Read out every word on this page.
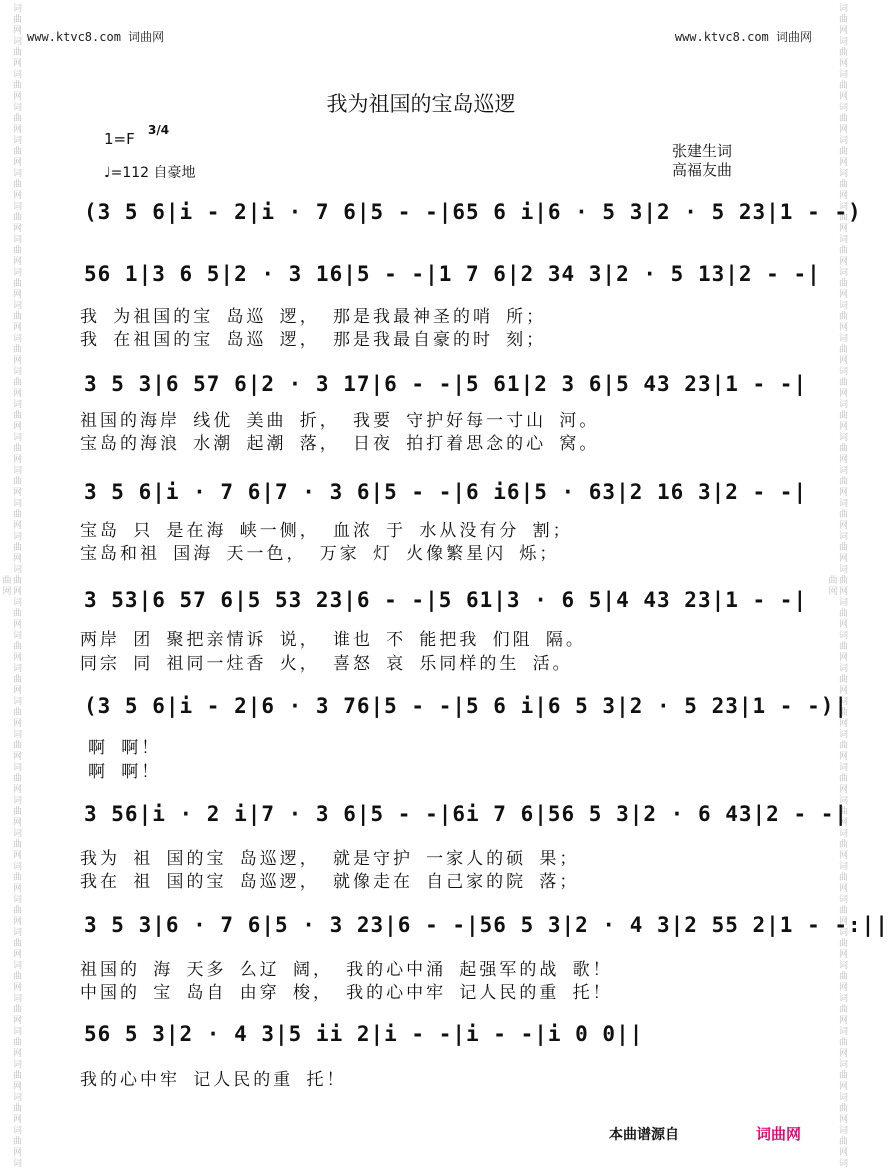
词曲网词曲网词曲网词曲网词曲网词曲网词曲网词曲网词曲网词曲网词曲网词曲网词曲网词曲网词曲网词曲网词曲网词曲网词曲网词曲网词曲网词曲网词曲网词曲网词曲网词曲网词曲网词曲网词曲网词曲网词曲网词曲网词曲网词曲网词曲网词曲网	词曲网词曲网词曲网词曲网词曲网词曲网词曲网词曲网词曲网词曲网词曲网词曲网词曲网词曲网词曲网词曲网词曲网词曲网词曲网词曲网词曲网词曲网词曲网词曲网词曲网词曲网词曲网词曲网词曲网词曲网词曲网词曲网词曲网词曲网词曲网词曲网
www.ktvc8.com 词曲网	www.ktvc8.com 词曲网
我为祖国的宝岛巡逻
1=F 3/4
♩=112 自豪地
张建生词
高福友曲
(3 5 6|i - 2|i · 7 6|5 - -|65 6 i|6 · 5 3|2 · 5 23|1 - -)
56 1|3 6 5|2 · 3 16|5 - -|1 7 6|2 34 3|2 · 5 13|2 - -|
我 为祖国的宝 岛巡 逻， 那是我最神圣的哨 所；
我 在祖国的宝 岛巡 逻， 那是我最自豪的时 刻；
3 5 3|6 57 6|2 · 3 17|6 - -|5 61|2 3 6|5 43 23|1 - -|
祖国的海岸 线优 美曲 折， 我要 守护好每一寸山 河。
宝岛的海浪 水潮 起潮 落， 日夜 拍打着思念的心 窝。
3 5 6|i · 7 6|7 · 3 6|5 - -|6 i6|5 · 63|2 16 3|2 - -|
宝岛 只 是在海 峡一侧， 血浓 于 水从没有分 割；
宝岛和祖 国海 天一色， 万家 灯 火像繁星闪 烁；
3 53|6 57 6|5 53 23|6 - -|5 61|3 · 6 5|4 43 23|1 - -|
两岸 团 聚把亲情诉 说， 谁也 不 能把我 们阻 隔。
同宗 同 祖同一炷香 火， 喜怒 哀 乐同样的生 活。
(3 5 6|i - 2|6 · 3 76|5 - -|5 6 i|6 5 3|2 · 5 23|1 - -)|
啊 啊！
啊 啊！
3 56|i · 2 i|7 · 3 6|5 - -|6i 7 6|56 5 3|2 · 6 43|2 - -|
我为 祖 国的宝 岛巡逻， 就是守护 一家人的硕 果；
我在 祖 国的宝 岛巡逻， 就像走在 自己家的院 落；
3 5 3|6 · 7 6|5 · 3 23|6 - -|56 5 3|2 · 4 3|2 55 2|1 - -:||
祖国的 海 天多 么辽 阔， 我的心中涌 起强军的战 歌！
中国的 宝 岛自 由穿 梭， 我的心中牢 记人民的重 托！
56 5 3|2 · 4 3|5 ii 2|i - -|i - -|i 0 0||
我的心中牢 记人民的重 托！
本曲谱源自	词曲网
